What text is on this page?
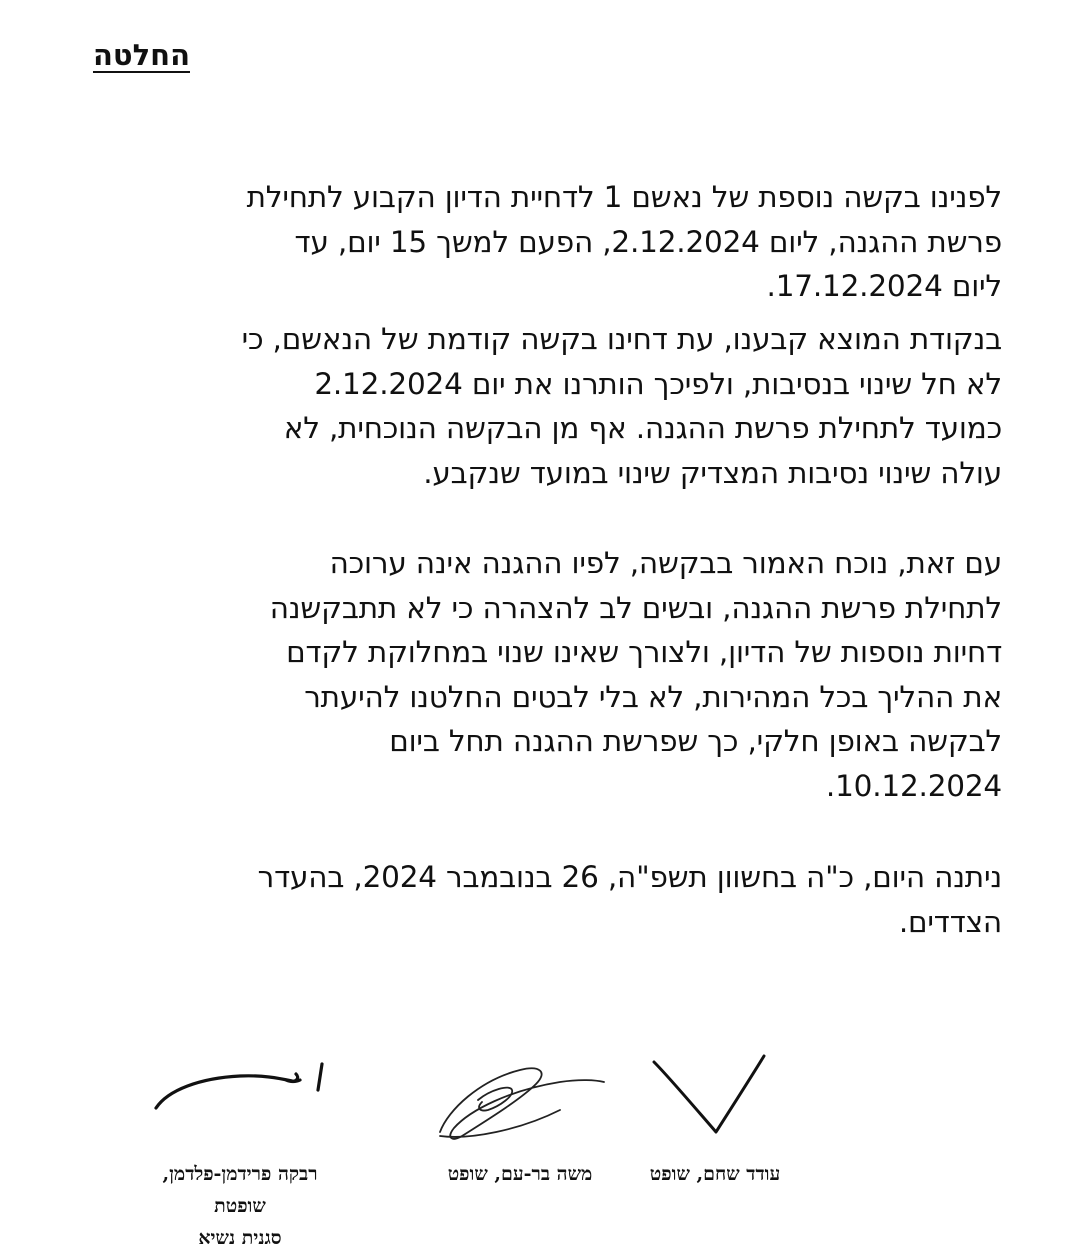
החלטה
לפנינו בקשה נוספת של נאשם 1 לדחיית הדיון הקבוע לתחילת
פרשת ההגנה, ליום 2.12.2024, הפעם למשך 15 יום, עד
ליום 17.12.2024.
בנקודת המוצא קבענו, עת דחינו בקשה קודמת של הנאשם, כי
לא חל שינוי בנסיבות, ולפיכך הותרנו את יום 2.12.2024
כמועד לתחילת פרשת ההגנה. אף מן הבקשה הנוכחית, לא
עולה שינוי נסיבות המצדיק שינוי במועד שנקבע.
עם זאת, נוכח האמור בבקשה, לפיו ההגנה אינה ערוכה
לתחילת פרשת ההגנה, ובשים לב להצהרה כי לא תתבקשנה
דחיות נוספות של הדיון, ולצורך שאינו שנוי במחלוקת לקדם
את ההליך בכל המהירות, לא בלי לבטים החלטנו להיעתר
לבקשה באופן חלקי, כך שפרשת ההגנה תחל ביום
10.12.2024.
ניתנה היום, כ"ה בחשוון תשפ"ה, 26 בנובמבר 2024, בהעדר
הצדדים.
עודד שחם, שופט
משה בר-עם, שופט
רבקה פרידמן-פלדמן,
שופטת
סגנית נשיא
